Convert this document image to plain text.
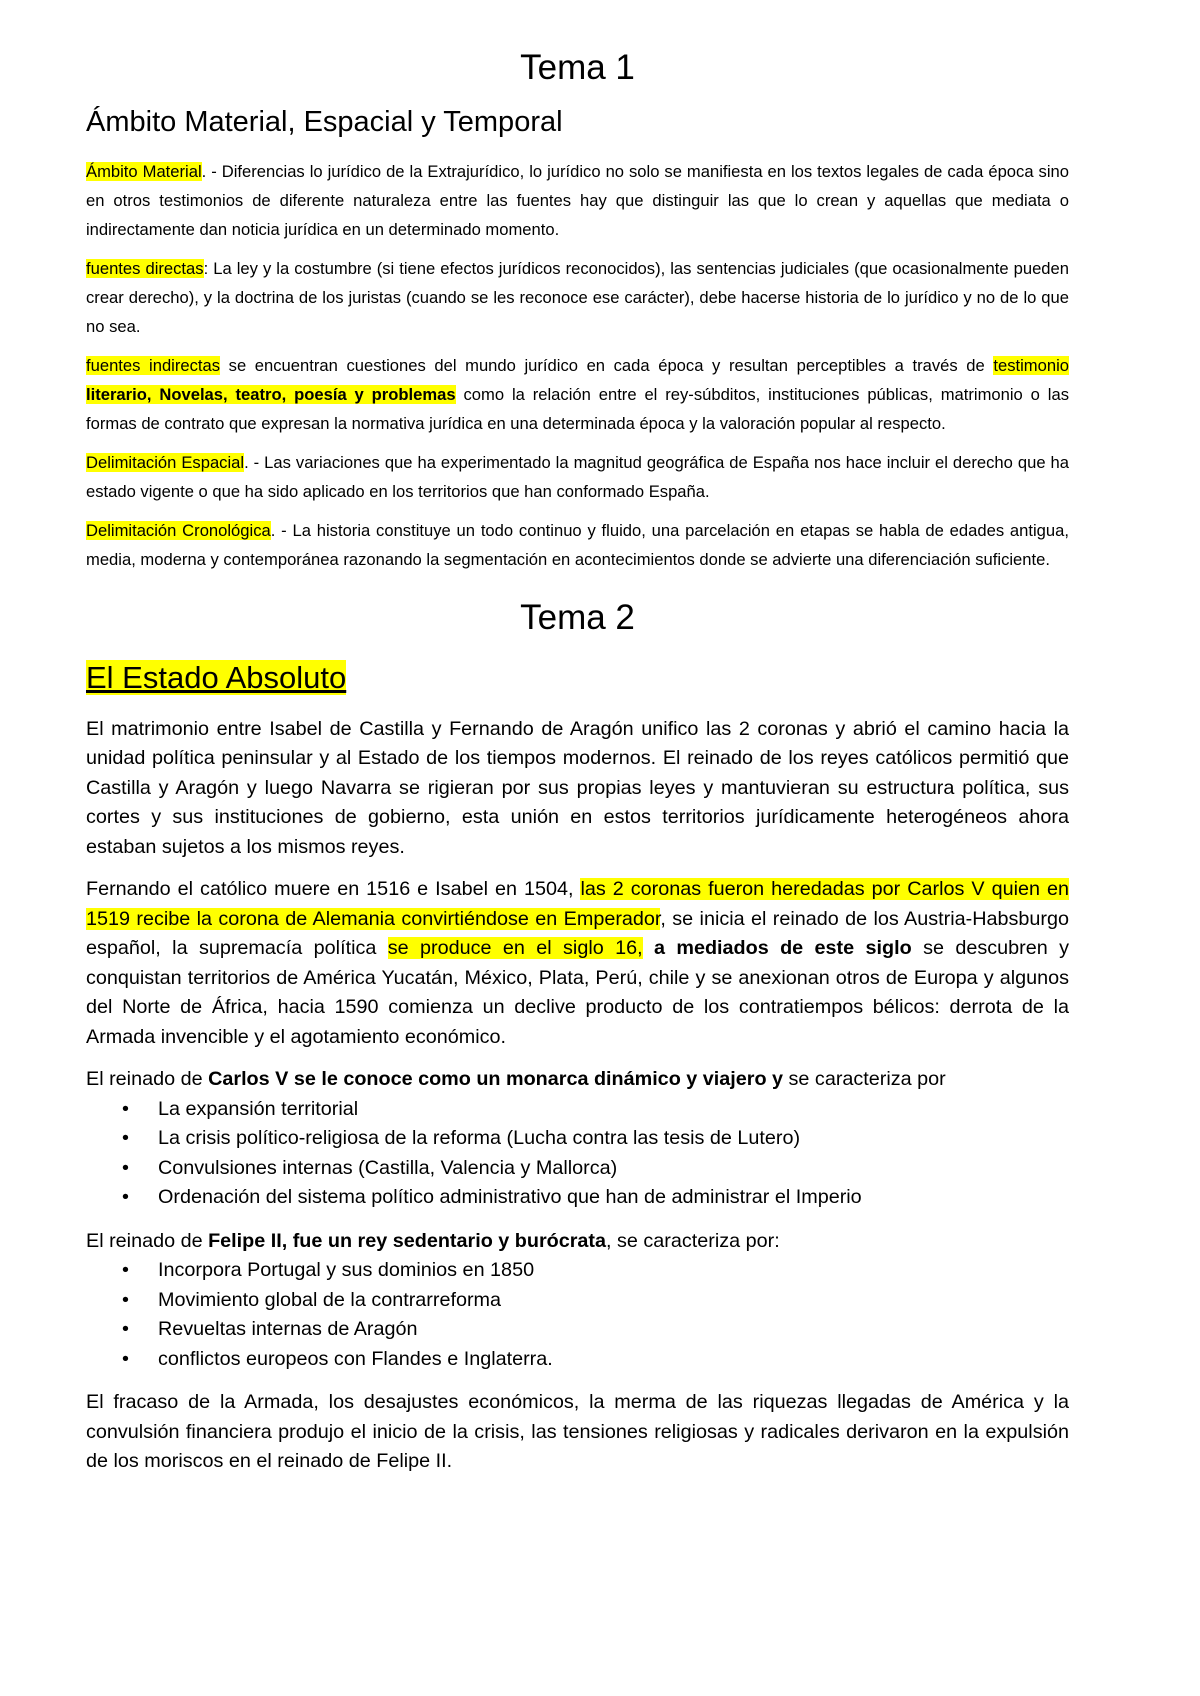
Tema 1
Ámbito Material, Espacial y Temporal

Ámbito Material. - Diferencias lo jurídico de la Extrajurídico, lo jurídico no solo se manifiesta en los textos legales de cada época sino en otros testimonios de diferente naturaleza entre las fuentes hay que distinguir las que lo crean y aquellas que mediata o indirectamente dan noticia jurídica en un determinado momento.

fuentes directas: La ley y la costumbre (si tiene efectos jurídicos reconocidos), las sentencias judiciales (que ocasionalmente pueden crear derecho), y la doctrina de los juristas (cuando se les reconoce ese carácter), debe hacerse historia de lo jurídico y no de lo que no sea.

fuentes indirectas se encuentran cuestiones del mundo jurídico en cada época y resultan perceptibles a través de testimonio literario, Novelas, teatro, poesía y problemas como la relación entre el rey-súbditos, instituciones públicas, matrimonio o las formas de contrato que expresan la normativa jurídica en una determinada época y la valoración popular al respecto.

Delimitación Espacial. - Las variaciones que ha experimentado la magnitud geográfica de España nos hace incluir el derecho que ha estado vigente o que ha sido aplicado en los territorios que han conformado España.

Delimitación Cronológica. - La historia constituye un todo continuo y fluido, una parcelación en etapas se habla de edades antigua, media, moderna y contemporánea razonando la segmentación en acontecimientos donde se advierte una diferenciación suficiente.

Tema 2
El Estado Absoluto

El matrimonio entre Isabel de Castilla y Fernando de Aragón unifico las 2 coronas y abrió el camino hacia la unidad política peninsular y al Estado de los tiempos modernos. El reinado de los reyes católicos permitió que Castilla y Aragón y luego Navarra se rigieran por sus propias leyes y mantuvieran su estructura política, sus cortes y sus instituciones de gobierno, esta unión en estos territorios jurídicamente heterogéneos ahora estaban sujetos a los mismos reyes.

Fernando el católico muere en 1516 e Isabel en 1504, las 2 coronas fueron heredadas por Carlos V quien en 1519 recibe la corona de Alemania convirtiéndose en Emperador, se inicia el reinado de los Austria-Habsburgo español, la supremacía política se produce en el siglo 16, a mediados de este siglo se descubren y conquistan territorios de América Yucatán, México, Plata, Perú, chile y se anexionan otros de Europa y algunos del Norte de África, hacia 1590 comienza un declive producto de los contratiempos bélicos: derrota de la Armada invencible y el agotamiento económico.

El reinado de Carlos V se le conoce como un monarca dinámico y viajero y se caracteriza por

• La expansión territorial
• La crisis político-religiosa de la reforma (Lucha contra las tesis de Lutero)
• Convulsiones internas (Castilla, Valencia y Mallorca)
• Ordenación del sistema político administrativo que han de administrar el Imperio

El reinado de Felipe II, fue un rey sedentario y burócrata, se caracteriza por:

• Incorpora Portugal y sus dominios en 1850
• Movimiento global de la contrarreforma
• Revueltas internas de Aragón
• conflictos europeos con Flandes e Inglaterra.

El fracaso de la Armada, los desajustes económicos, la merma de las riquezas llegadas de América y la convulsión financiera produjo el inicio de la crisis, las tensiones religiosas y radicales derivaron en la expulsión de los moriscos en el reinado de Felipe II.
